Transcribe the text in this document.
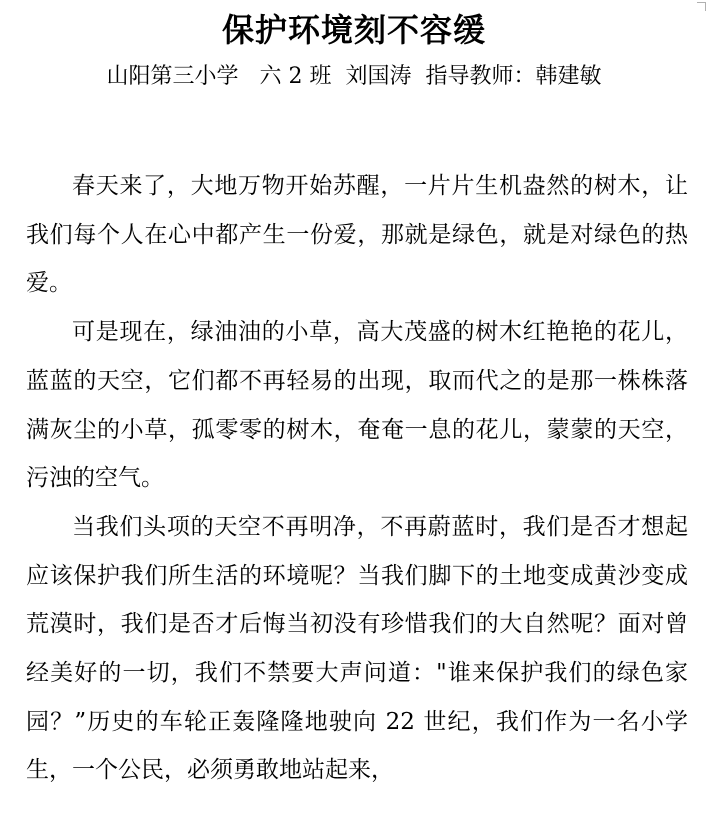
保护环境刻不容缓
山阳第三小学   六 2 班  刘国涛  指导教师：韩建敏

春天来了，大地万物开始苏醒，一片片生机盎然的树木，让我们每个人在心中都产生一份爱，那就是绿色，就是对绿色的热爱。

可是现在，绿油油的小草，高大茂盛的树木红艳艳的花儿，蓝蓝的天空，它们都不再轻易的出现，取而代之的是那一株株落满灰尘的小草，孤零零的树木，奄奄一息的花儿，蒙蒙的天空，污浊的空气。

当我们头项的天空不再明净，不再蔚蓝时，我们是否才想起应该保护我们所生活的环境呢？当我们脚下的土地变成黄沙变成荒漠时，我们是否才后悔当初没有珍惜我们的大自然呢？面对曾经美好的一切，我们不禁要大声问道："谁来保护我们的绿色家园？”历史的车轮正轰隆隆地驶向 22 世纪，我们作为一名小学生，一个公民，必须勇敢地站起来，
